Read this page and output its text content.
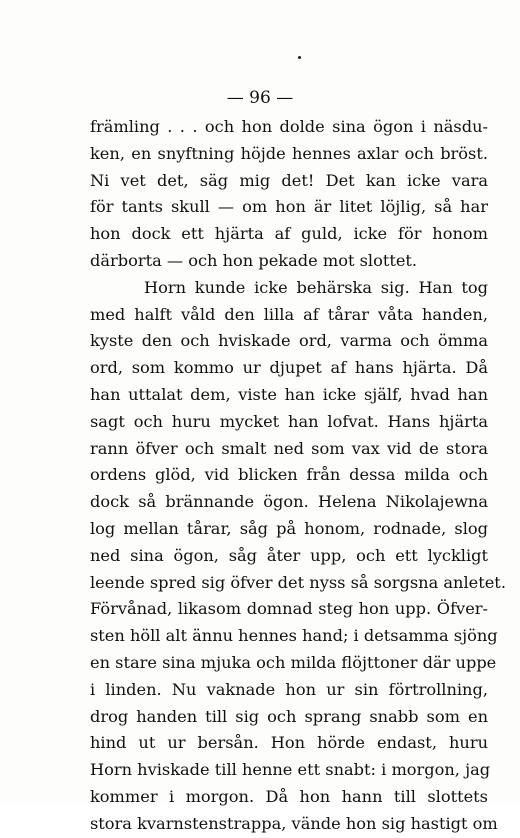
— 96 —
främling . . . och hon dolde sina ögon i näsdu-
ken, en snyftning höjde hennes axlar och bröst.
Ni vet det, säg mig det! Det kan icke vara
för tants skull — om hon är litet löjlig, så har
hon dock ett hjärta af guld, icke för honom
därborta — och hon pekade mot slottet.
Horn kunde icke behärska sig. Han tog
med halft våld den lilla af tårar våta handen,
kyste den och hviskade ord, varma och ömma
ord, som kommo ur djupet af hans hjärta. Då
han uttalat dem, viste han icke själf, hvad han
sagt och huru mycket han lofvat. Hans hjärta
rann öfver och smalt ned som vax vid de stora
ordens glöd, vid blicken från dessa milda och
dock så brännande ögon. Helena Nikolajewna
log mellan tårar, såg på honom, rodnade, slog
ned sina ögon, såg åter upp, och ett lyckligt
leende spred sig öfver det nyss så sorgsna anletet.
Förvånad, likasom domnad steg hon upp. Öfver-
sten höll alt ännu hennes hand; i detsamma sjöng
en stare sina mjuka och milda flöjttoner där uppe
i linden. Nu vaknade hon ur sin förtrollning,
drog handen till sig och sprang snabb som en
hind ut ur bersån. Hon hörde endast, huru
Horn hviskade till henne ett snabt: i morgon, jag
kommer i morgon. Då hon hann till slottets
stora kvarnstenstrappa, vände hon sig hastigt om
